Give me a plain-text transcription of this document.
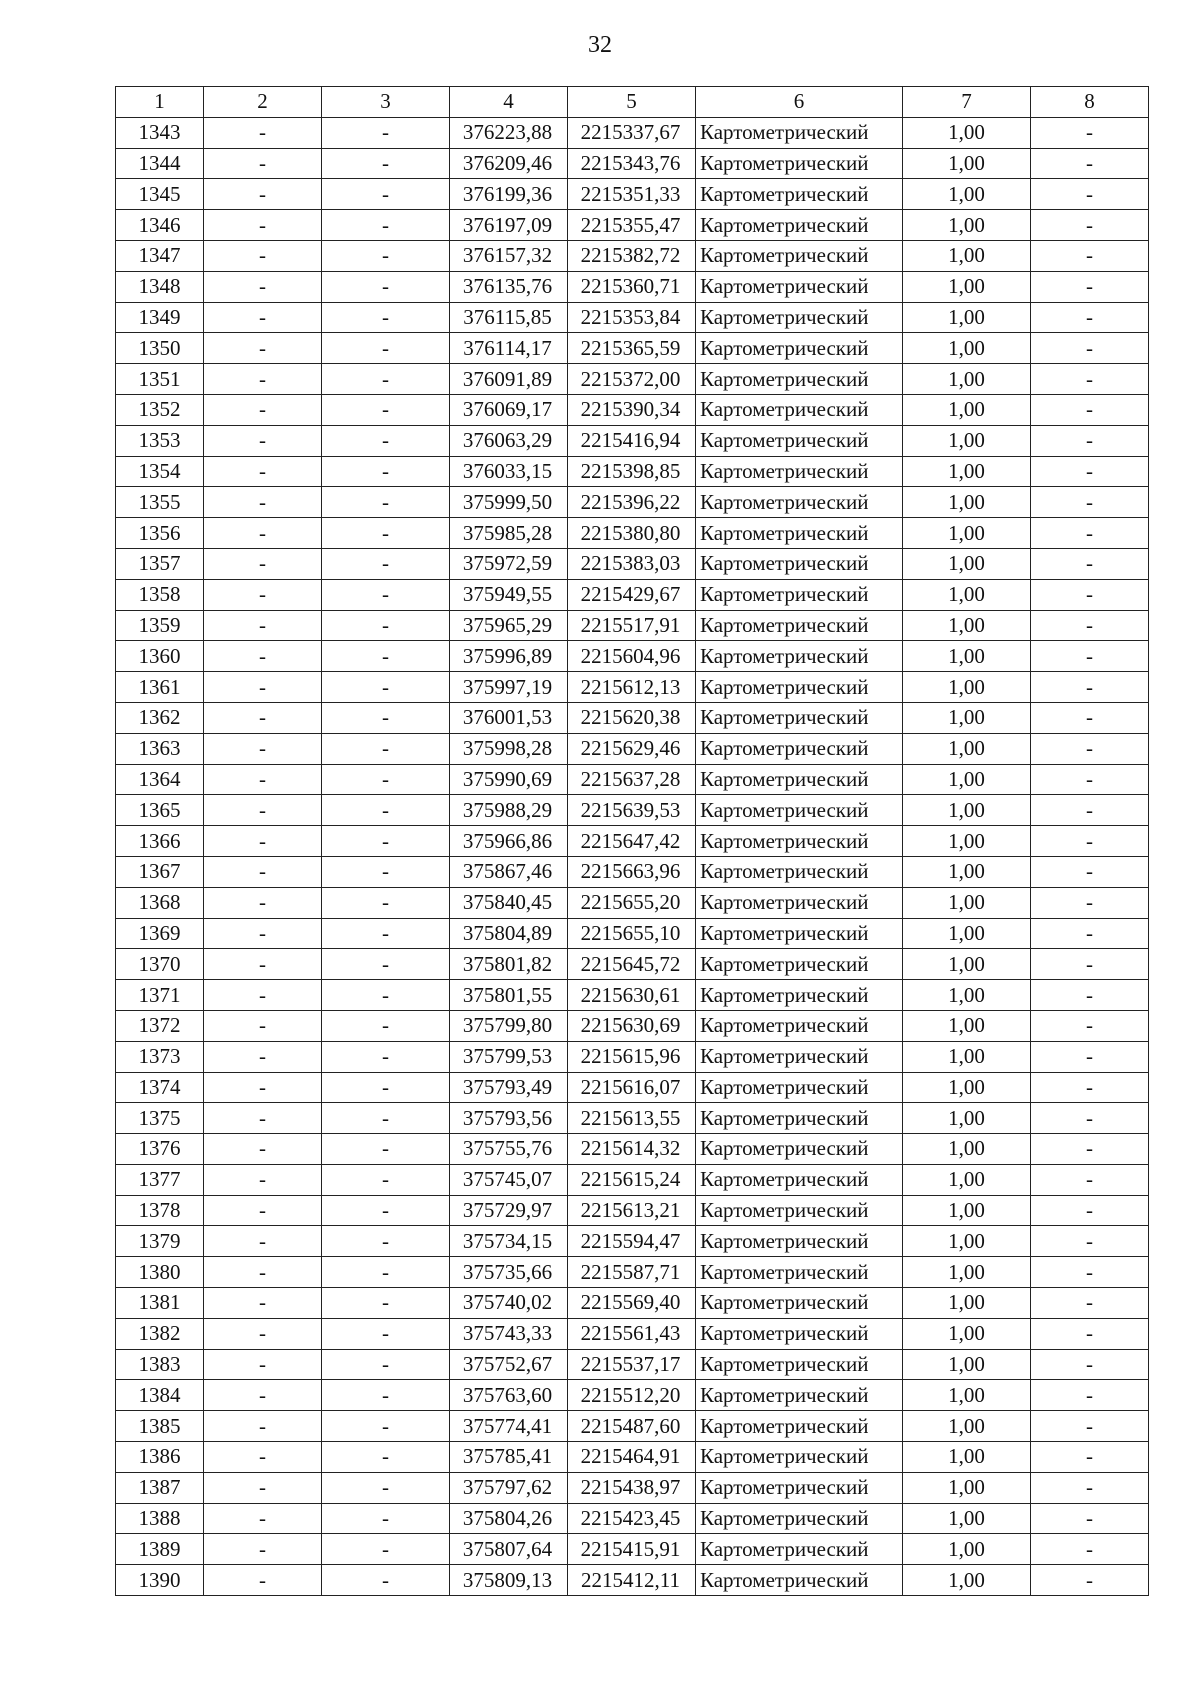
32
1	2	3	4	5	6	7	8
1343	-	-	376223,88	2215337,67	Картометрический	1,00	-
1344	-	-	376209,46	2215343,76	Картометрический	1,00	-
1345	-	-	376199,36	2215351,33	Картометрический	1,00	-
1346	-	-	376197,09	2215355,47	Картометрический	1,00	-
1347	-	-	376157,32	2215382,72	Картометрический	1,00	-
1348	-	-	376135,76	2215360,71	Картометрический	1,00	-
1349	-	-	376115,85	2215353,84	Картометрический	1,00	-
1350	-	-	376114,17	2215365,59	Картометрический	1,00	-
1351	-	-	376091,89	2215372,00	Картометрический	1,00	-
1352	-	-	376069,17	2215390,34	Картометрический	1,00	-
1353	-	-	376063,29	2215416,94	Картометрический	1,00	-
1354	-	-	376033,15	2215398,85	Картометрический	1,00	-
1355	-	-	375999,50	2215396,22	Картометрический	1,00	-
1356	-	-	375985,28	2215380,80	Картометрический	1,00	-
1357	-	-	375972,59	2215383,03	Картометрический	1,00	-
1358	-	-	375949,55	2215429,67	Картометрический	1,00	-
1359	-	-	375965,29	2215517,91	Картометрический	1,00	-
1360	-	-	375996,89	2215604,96	Картометрический	1,00	-
1361	-	-	375997,19	2215612,13	Картометрический	1,00	-
1362	-	-	376001,53	2215620,38	Картометрический	1,00	-
1363	-	-	375998,28	2215629,46	Картометрический	1,00	-
1364	-	-	375990,69	2215637,28	Картометрический	1,00	-
1365	-	-	375988,29	2215639,53	Картометрический	1,00	-
1366	-	-	375966,86	2215647,42	Картометрический	1,00	-
1367	-	-	375867,46	2215663,96	Картометрический	1,00	-
1368	-	-	375840,45	2215655,20	Картометрический	1,00	-
1369	-	-	375804,89	2215655,10	Картометрический	1,00	-
1370	-	-	375801,82	2215645,72	Картометрический	1,00	-
1371	-	-	375801,55	2215630,61	Картометрический	1,00	-
1372	-	-	375799,80	2215630,69	Картометрический	1,00	-
1373	-	-	375799,53	2215615,96	Картометрический	1,00	-
1374	-	-	375793,49	2215616,07	Картометрический	1,00	-
1375	-	-	375793,56	2215613,55	Картометрический	1,00	-
1376	-	-	375755,76	2215614,32	Картометрический	1,00	-
1377	-	-	375745,07	2215615,24	Картометрический	1,00	-
1378	-	-	375729,97	2215613,21	Картометрический	1,00	-
1379	-	-	375734,15	2215594,47	Картометрический	1,00	-
1380	-	-	375735,66	2215587,71	Картометрический	1,00	-
1381	-	-	375740,02	2215569,40	Картометрический	1,00	-
1382	-	-	375743,33	2215561,43	Картометрический	1,00	-
1383	-	-	375752,67	2215537,17	Картометрический	1,00	-
1384	-	-	375763,60	2215512,20	Картометрический	1,00	-
1385	-	-	375774,41	2215487,60	Картометрический	1,00	-
1386	-	-	375785,41	2215464,91	Картометрический	1,00	-
1387	-	-	375797,62	2215438,97	Картометрический	1,00	-
1388	-	-	375804,26	2215423,45	Картометрический	1,00	-
1389	-	-	375807,64	2215415,91	Картометрический	1,00	-
1390	-	-	375809,13	2215412,11	Картометрический	1,00	-
